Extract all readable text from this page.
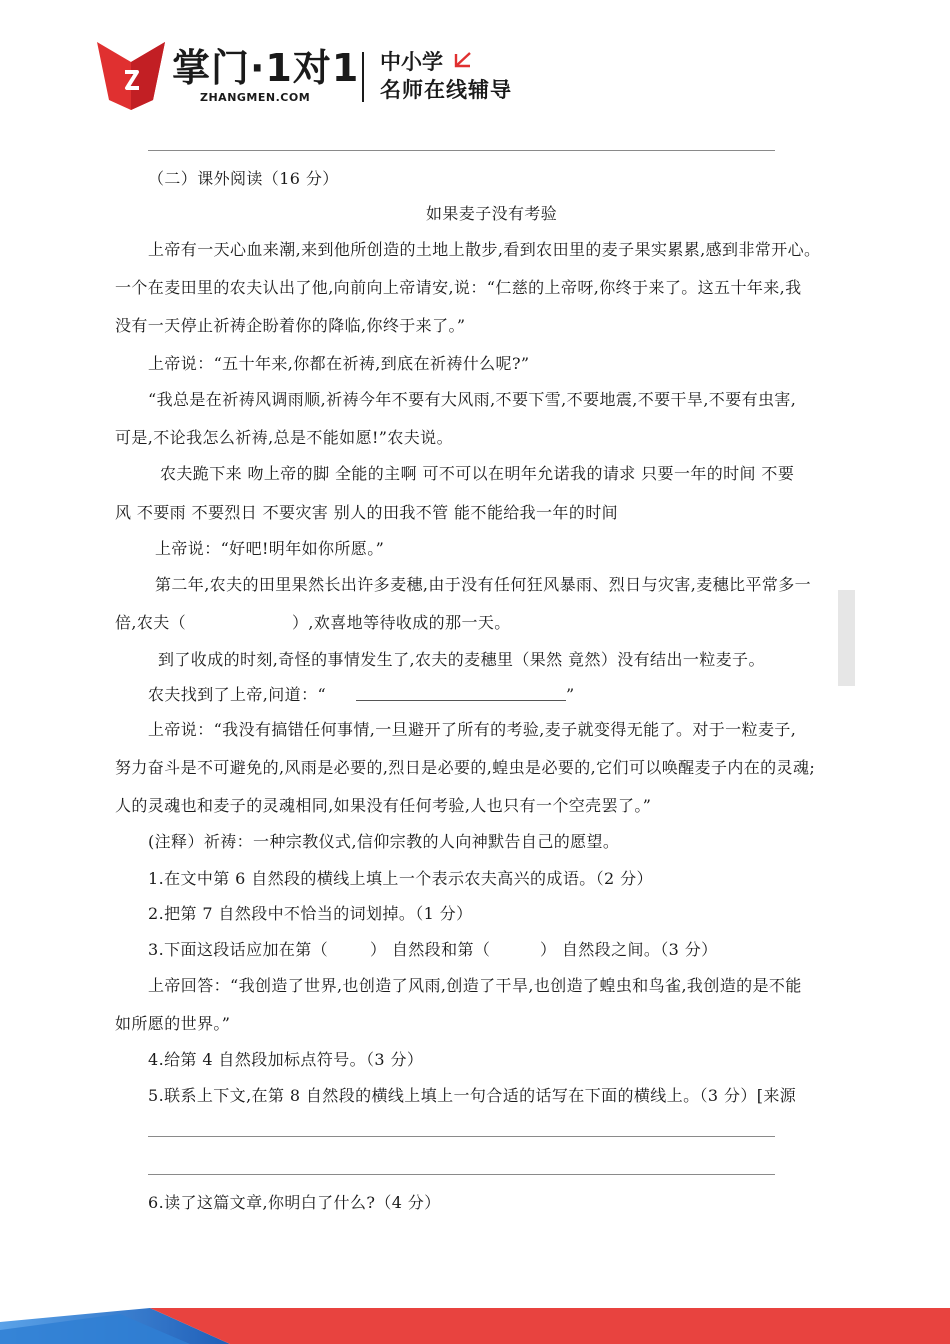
掌门·1对1
ZHANGMEN.COM
中小学
名师在线辅导
（二）课外阅读（16 分）
如果麦子没有考验
上帝有一天心血来潮,来到他所创造的土地上散步,看到农田里的麦子果实累累,感到非常开心。
一个在麦田里的农夫认出了他,向前向上帝请安,说：“仁慈的上帝呀,你终于来了。这五十年来,我
没有一天停止祈祷企盼着你的降临,你终于来了。”
上帝说：“五十年来,你都在祈祷,到底在祈祷什么呢?”
“我总是在祈祷风调雨顺,祈祷今年不要有大风雨,不要下雪,不要地震,不要干旱,不要有虫害,
可是,不论我怎么祈祷,总是不能如愿!”农夫说。
农夫跪下来 吻上帝的脚 全能的主啊 可不可以在明年允诺我的请求 只要一年的时间 不要
风 不要雨 不要烈日 不要灾害 别人的田我不管 能不能给我一年的时间
上帝说：“好吧!明年如你所愿。”
第二年,农夫的田里果然长出许多麦穗,由于没有任何狂风暴雨、烈日与灾害,麦穗比平常多一
倍,农夫（	）,欢喜地等待收成的那一天。
到了收成的时刻,奇怪的事情发生了,农夫的麦穗里（果然 竟然）没有结出一粒麦子。
农夫找到了上帝,问道：“	”
上帝说：“我没有搞错任何事情,一旦避开了所有的考验,麦子就变得无能了。对于一粒麦子,
努力奋斗是不可避免的,风雨是必要的,烈日是必要的,蝗虫是必要的,它们可以唤醒麦子内在的灵魂;
人的灵魂也和麦子的灵魂相同,如果没有任何考验,人也只有一个空壳罢了。”
(注释）祈祷：一种宗教仪式,信仰宗教的人向神默告自己的愿望。
1.在文中第 6 自然段的横线上填上一个表示农夫高兴的成语。（2 分）
2.把第 7 自然段中不恰当的词划掉。（1 分）
3.下面这段话应加在第（	） 自然段和第（	） 自然段之间。（3 分）
上帝回答：“我创造了世界,也创造了风雨,创造了干旱,也创造了蝗虫和鸟雀,我创造的是不能
如所愿的世界。”
4.给第 4 自然段加标点符号。（3 分）
5.联系上下文,在第 8 自然段的横线上填上一句合适的话写在下面的横线上。（3 分）[来源
6.读了这篇文章,你明白了什么?（4 分）
